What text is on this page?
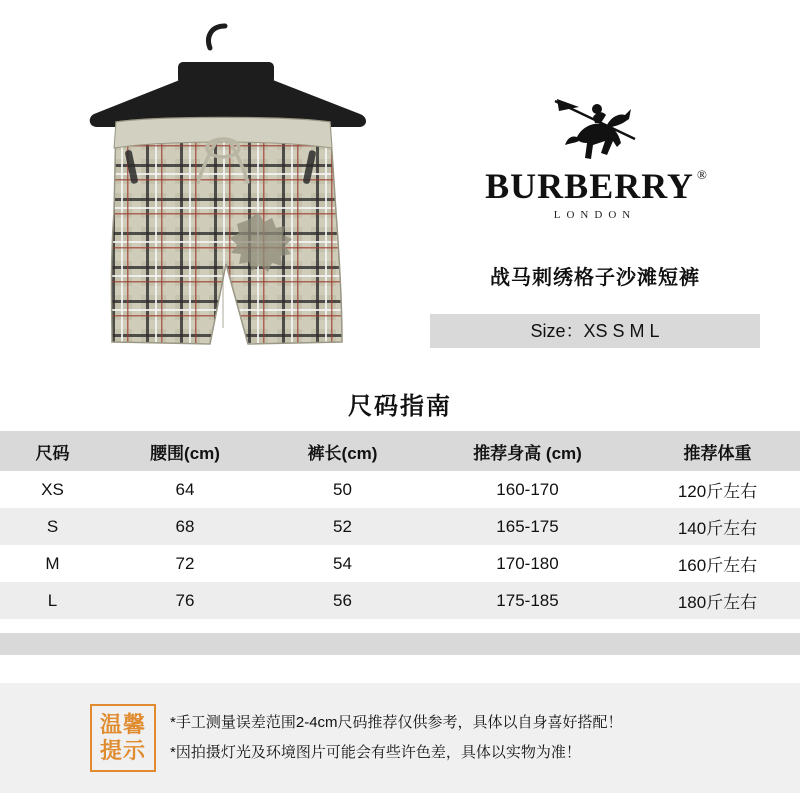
BURBERRY ®
LONDON
战马刺绣格子沙滩短裤
Size：XS S M L
尺码指南
尺码	腰围(cm)	裤长(cm)	推荐身高 (cm)	推荐体重
XS	64	50	160-170	120斤左右
S	68	52	165-175	140斤左右
M	72	54	170-180	160斤左右
L	76	56	175-185	180斤左右
温馨
提示
*手工测量误差范围2-4cm尺码推荐仅供参考，具体以自身喜好搭配！
*因拍摄灯光及环境图片可能会有些许色差，具体以实物为准！
